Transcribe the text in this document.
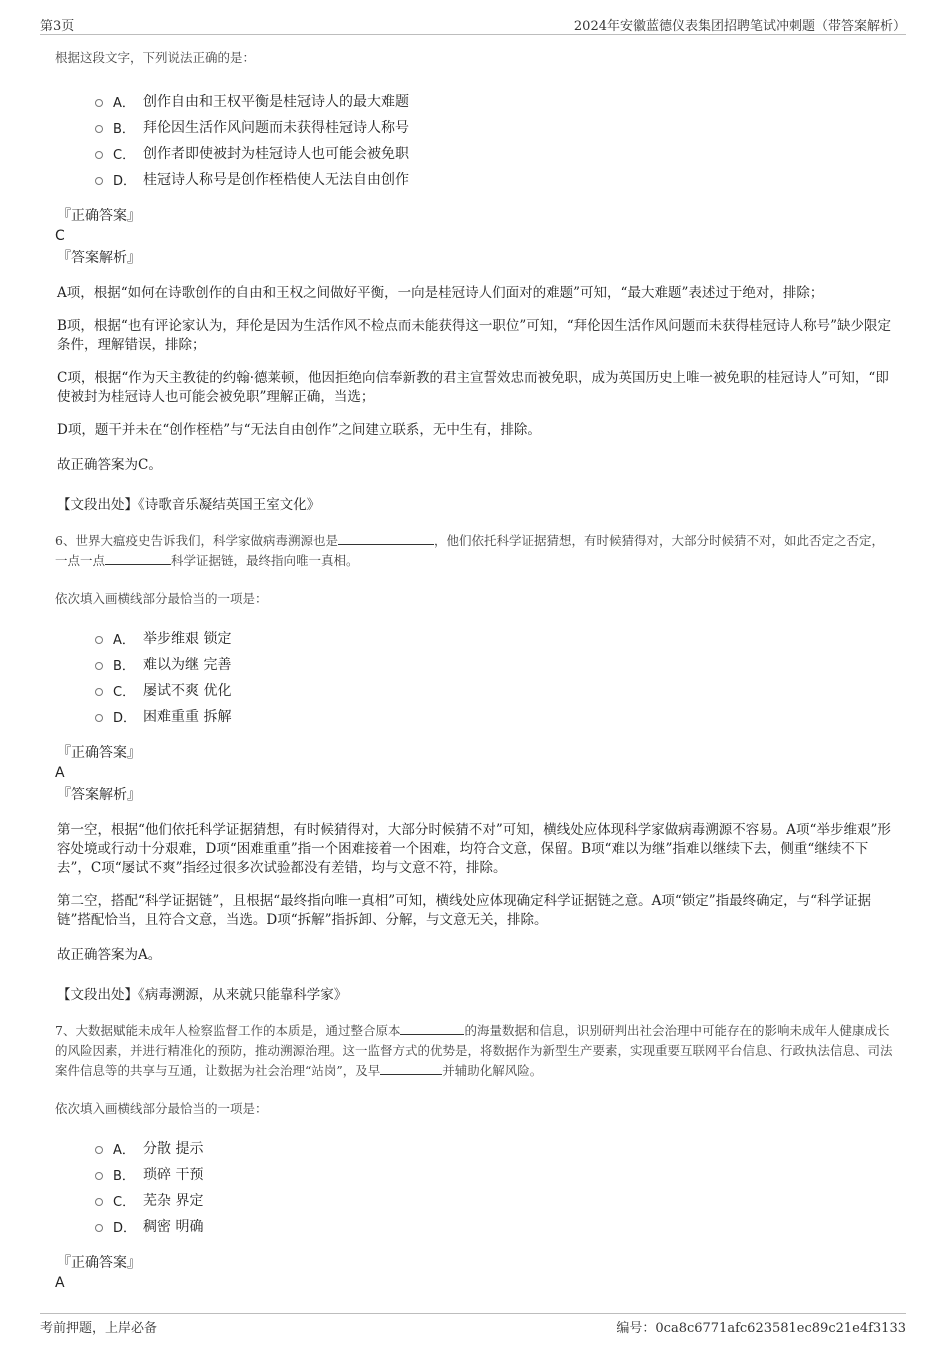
第3页	2024年安徽蓝德仪表集团招聘笔试冲刺题（带答案解析）
根据这段文字，下列说法正确的是：
A． 创作自由和王权平衡是桂冠诗人的最大难题
B． 拜伦因生活作风问题而未获得桂冠诗人称号
C． 创作者即使被封为桂冠诗人也可能会被免职
D． 桂冠诗人称号是创作桎梏使人无法自由创作
『正确答案』
C
『答案解析』
A项，根据“如何在诗歌创作的自由和王权之间做好平衡，一向是桂冠诗人们面对的难题”可知，“最大难题”表述过于绝对，排除；
B项，根据“也有评论家认为，拜伦是因为生活作风不检点而未能获得这一职位”可知，“拜伦因生活作风问题而未获得桂冠诗人称号”缺少限定条件，理解错误，排除；
C项，根据“作为天主教徒的约翰·德莱顿，他因拒绝向信奉新教的君主宣誓效忠而被免职，成为英国历史上唯一被免职的桂冠诗人”可知，“即使被封为桂冠诗人也可能会被免职”理解正确，当选；
D项，题干并未在“创作桎梏”与“无法自由创作”之间建立联系，无中生有，排除。
故正确答案为C。
【文段出处】《诗歌音乐凝结英国王室文化》
6、世界大瘟疫史告诉我们，科学家做病毒溯源也是	，他们依托科学证据猜想，有时候猜得对，大部分时候猜不对，如此否定之否定，一点一点	科学证据链，最终指向唯一真相。
依次填入画横线部分最恰当的一项是：
A． 举步维艰 锁定
B． 难以为继 完善
C． 屡试不爽 优化
D． 困难重重 拆解
『正确答案』
A
『答案解析』
第一空，根据“他们依托科学证据猜想，有时候猜得对，大部分时候猜不对”可知，横线处应体现科学家做病毒溯源不容易。A项“举步维艰”形容处境或行动十分艰难，D项“困难重重”指一个困难接着一个困难，均符合文意，保留。B项“难以为继”指难以继续下去，侧重“继续不下去”，C项“屡试不爽”指经过很多次试验都没有差错，均与文意不符，排除。
第二空，搭配“科学证据链”，且根据“最终指向唯一真相”可知，横线处应体现确定科学证据链之意。A项“锁定”指最终确定，与“科学证据链”搭配恰当，且符合文意，当选。D项“拆解”指拆卸、分解，与文意无关，排除。
故正确答案为A。
【文段出处】《病毒溯源，从来就只能靠科学家》
7、大数据赋能未成年人检察监督工作的本质是，通过整合原本	的海量数据和信息，识别研判出社会治理中可能存在的影响未成年人健康成长的风险因素，并进行精准化的预防，推动溯源治理。这一监督方式的优势是，将数据作为新型生产要素，实现重要互联网平台信息、行政执法信息、司法案件信息等的共享与互通，让数据为社会治理“站岗”，及早	并辅助化解风险。
依次填入画横线部分最恰当的一项是：
A． 分散 提示
B． 琐碎 干预
C． 芜杂 界定
D． 稠密 明确
『正确答案』
A
考前押题，上岸必备	编号：0ca8c6771afc623581ec89c21e4f3133
